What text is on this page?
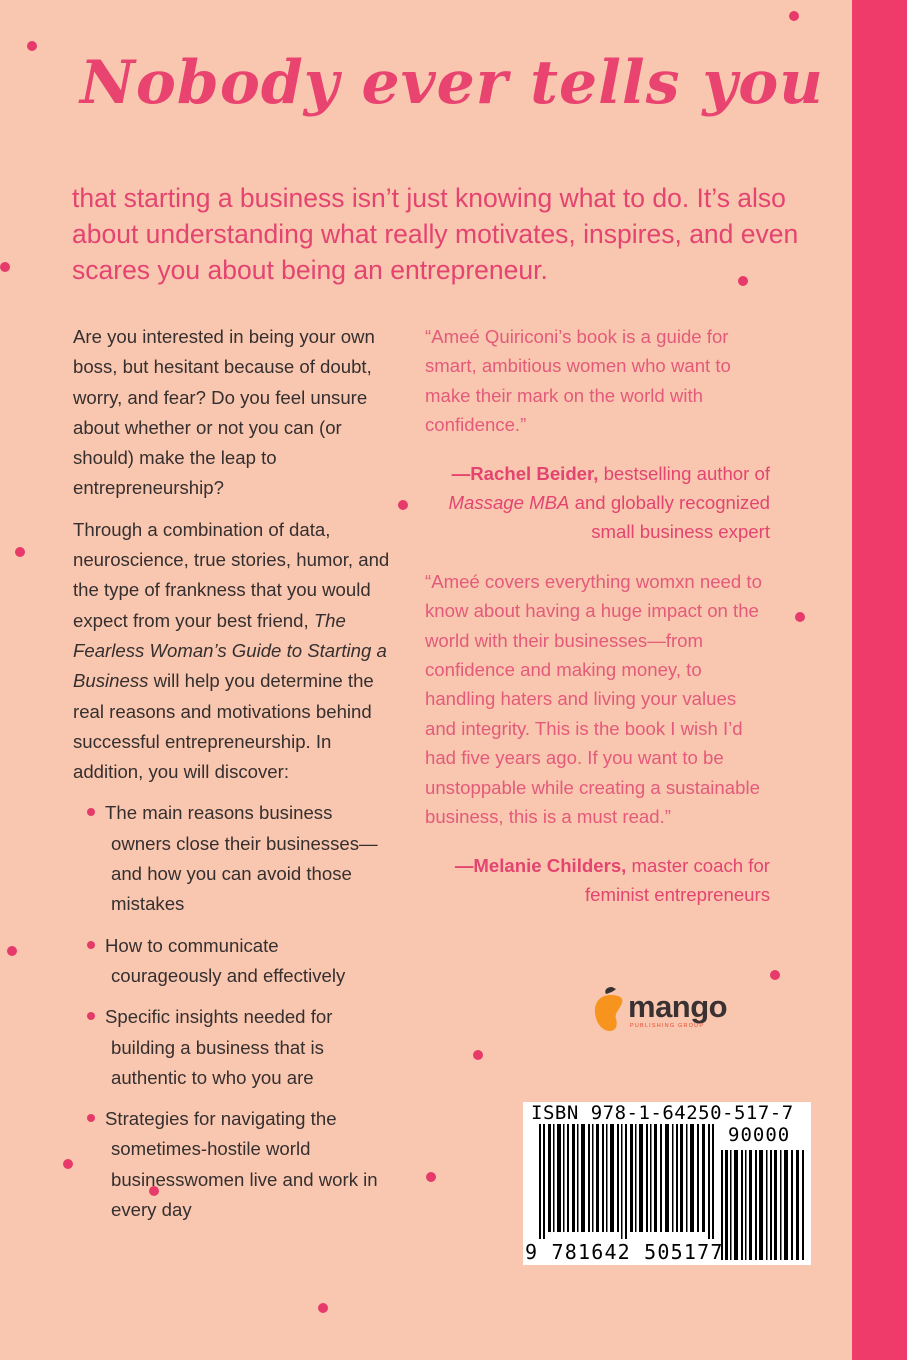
Nobody ever tells you
that starting a business isn’t just knowing what to do. It’s also about understanding what really motivates, inspires, and even scares you about being an entrepreneur.

Are you interested in being your own boss, but hesitant because of doubt, worry, and fear? Do you feel unsure about whether or not you can (or should) make the leap to entrepreneurship?

Through a combination of data, neuroscience, true stories, humor, and the type of frankness that you would expect from your best friend, The Fearless Woman’s Guide to Starting a Business will help you determine the real reasons and motivations behind successful entrepreneurship. In addition, you will discover:

The main reasons business owners close their businesses—and how you can avoid those mistakes
How to communicate courageously and effectively
Specific insights needed for building a business that is authentic to who you are
Strategies for navigating the sometimes-hostile world businesswomen live and work in every day

“Ameé Quiriconi’s book is a guide for smart, ambitious women who want to make their mark on the world with confidence.”

—Rachel Beider, bestselling author of
Massage MBA and globally recognized small business expert

“Ameé covers everything womxn need to know about having a huge impact on the world with their businesses—from confidence and making money, to handling haters and living your values and integrity. This is the book I wish I’d had five years ago. If you want to be unstoppable while creating a sustainable business, this is a must read.”

—Melanie Childers, master coach for feminist entrepreneurs

mango
PUBLISHING GROUP
ISBN 978-1-64250-517-7
90000
9 781642 505177
